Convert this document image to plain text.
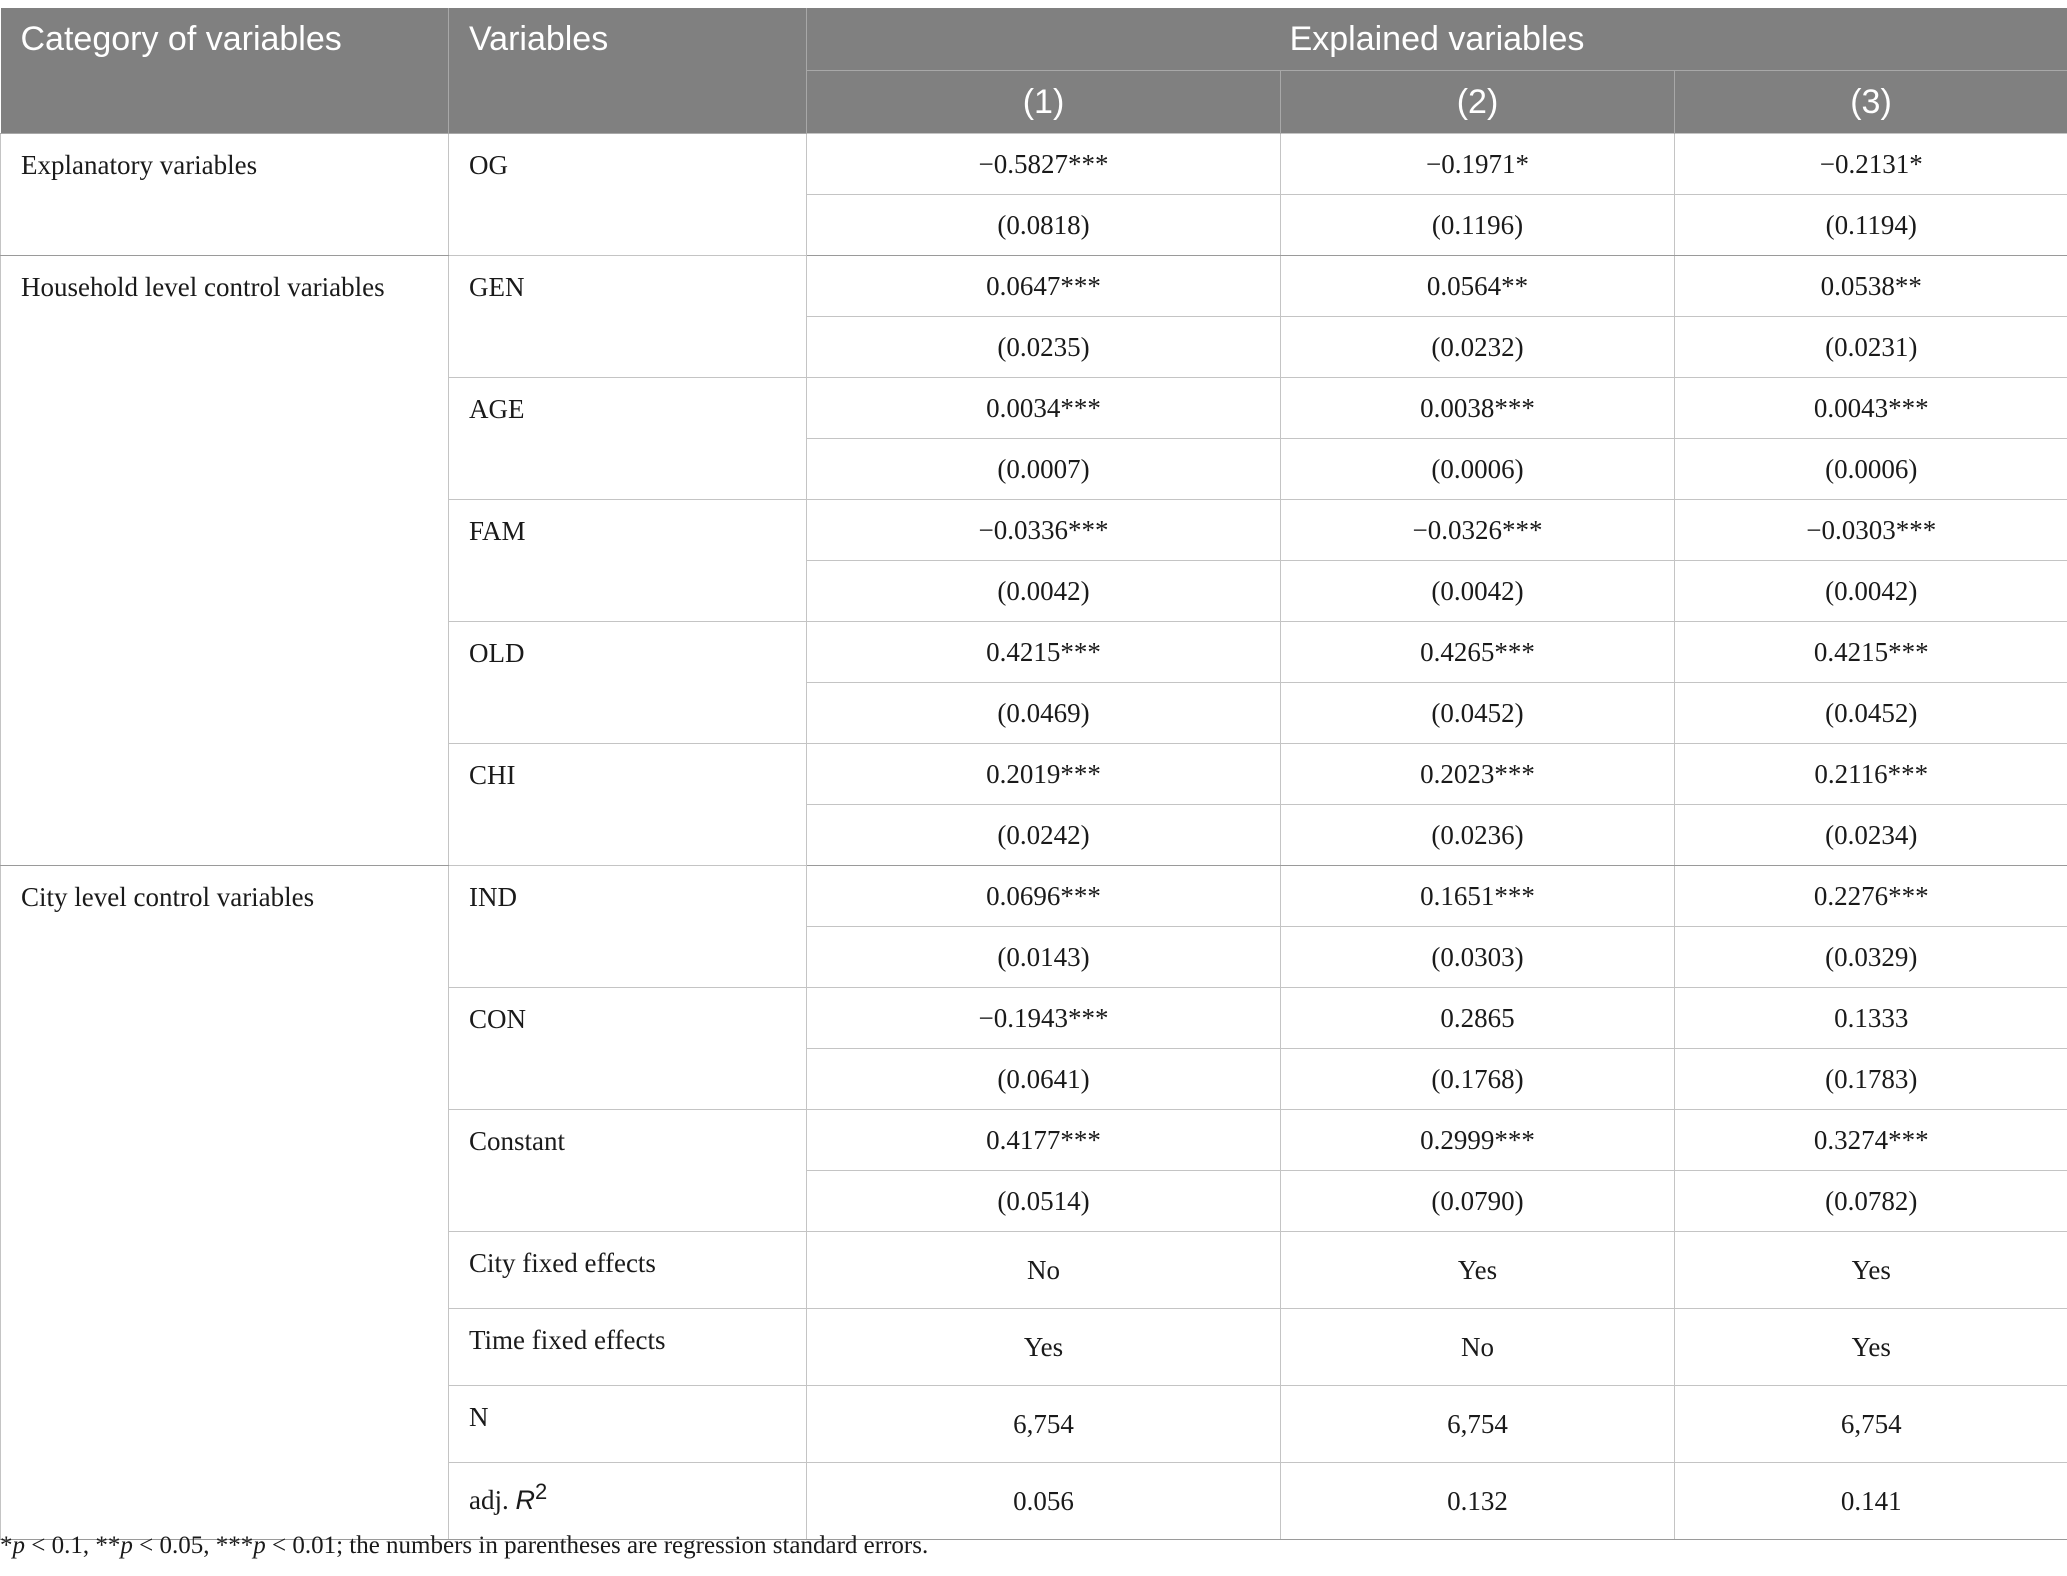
Category of variables	Variables	Explained variables		
		(1)	(2)	(3)
Explanatory variables	OG	−0.5827***	−0.1971*	−0.2131*
		(0.0818)	(0.1196)	(0.1194)
Household level control variables	GEN	0.0647***	0.0564**	0.0538**
		(0.0235)	(0.0232)	(0.0231)
	AGE	0.0034***	0.0038***	0.0043***
		(0.0007)	(0.0006)	(0.0006)
	FAM	−0.0336***	−0.0326***	−0.0303***
		(0.0042)	(0.0042)	(0.0042)
	OLD	0.4215***	0.4265***	0.4215***
		(0.0469)	(0.0452)	(0.0452)
	CHI	0.2019***	0.2023***	0.2116***
		(0.0242)	(0.0236)	(0.0234)
City level control variables	IND	0.0696***	0.1651***	0.2276***
		(0.0143)	(0.0303)	(0.0329)
	CON	−0.1943***	0.2865	0.1333
		(0.0641)	(0.1768)	(0.1783)
	Constant	0.4177***	0.2999***	0.3274***
		(0.0514)	(0.0790)	(0.0782)
	City fixed effects	No	Yes	Yes
	Time fixed effects	Yes	No	Yes
	N	6,754	6,754	6,754
	adj. $R^2$	0.056	0.132	0.141
*p < 0.1, **p < 0.05, ***p < 0.01; the numbers in parentheses are regression standard errors.
